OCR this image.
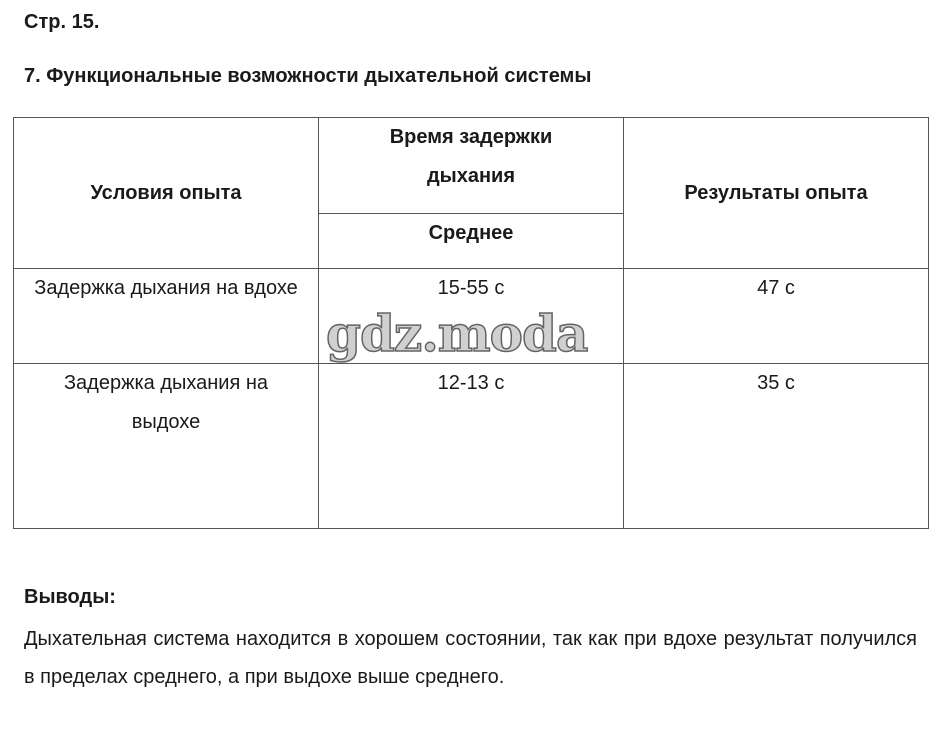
Стр. 15.
7. Функциональные возможности дыхательной системы
Условия опыта	Время задержки дыхания	Результаты опыта
	Среднее	
Задержка дыхания на вдохе	15-55 с	47 с
Задержка дыхания на выдохе	12-13 с	35 с
gdz.moda
Выводы:
Дыхательная система находится в хорошем состоянии, так как при вдохе результат получился в пределах среднего, а при выдохе выше среднего.
